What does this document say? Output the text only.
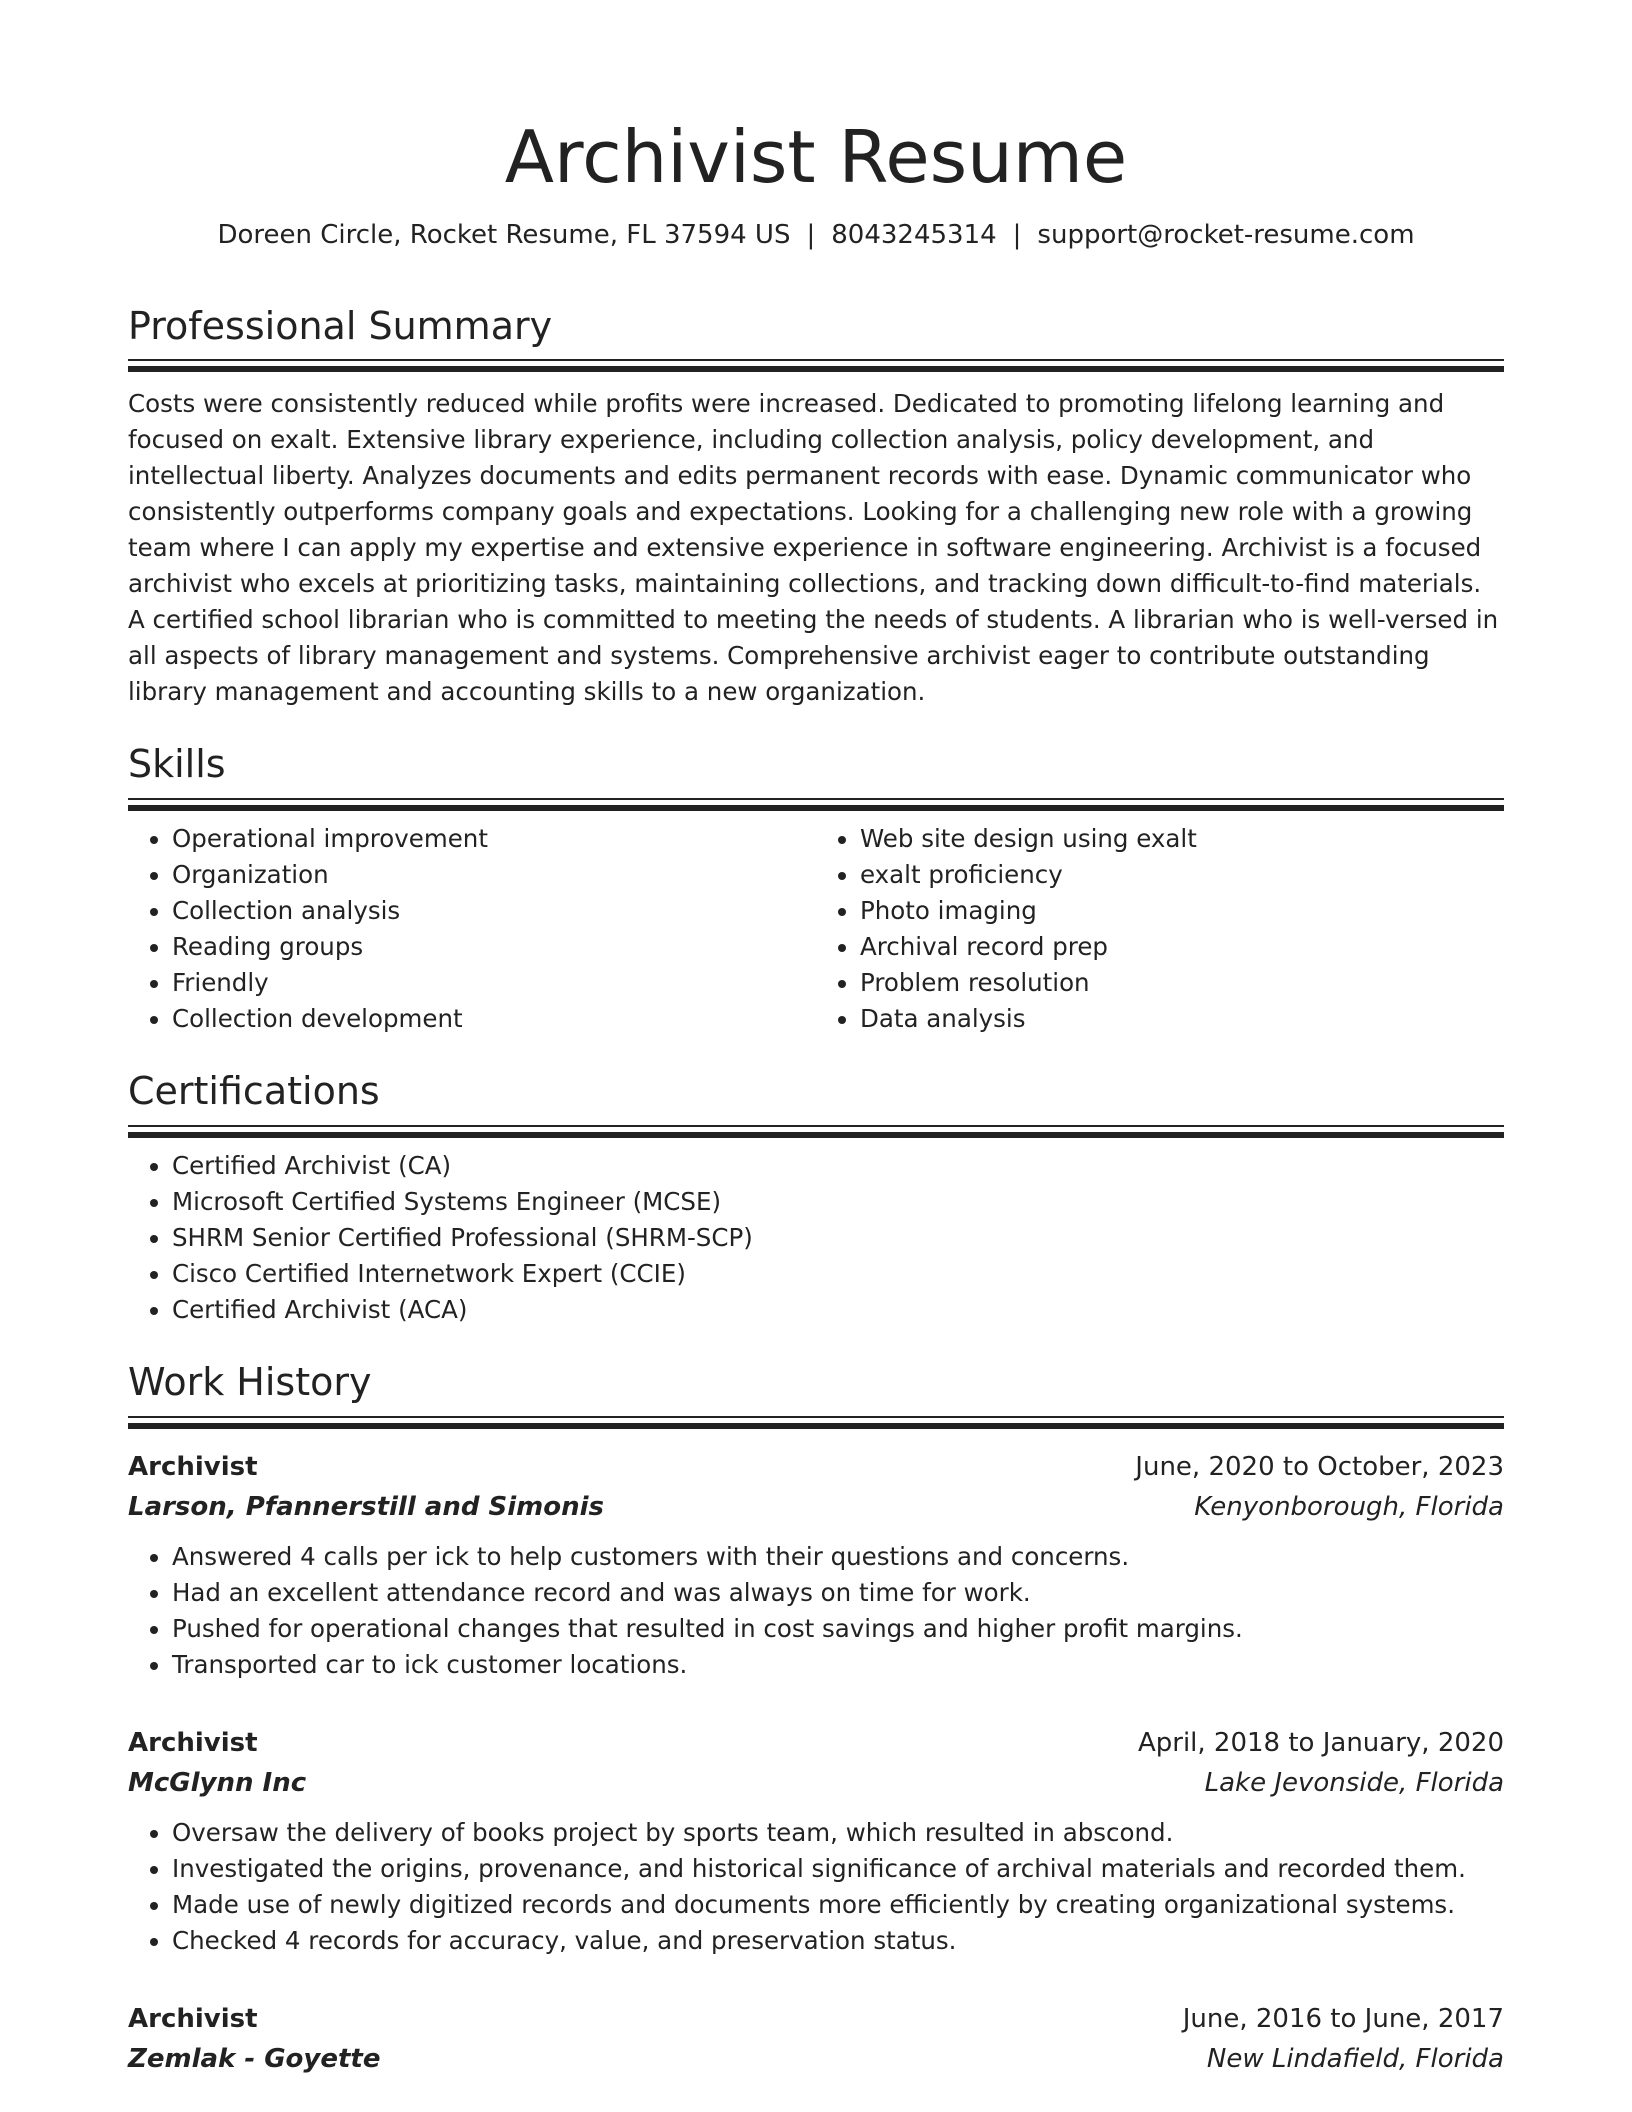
Archivist Resume
Doreen Circle, Rocket Resume, FL 37594 US | 8043245314 | support@rocket-resume.com
Professional Summary
Costs were consistently reduced while profits were increased. Dedicated to promoting lifelong learning and focused on exalt. Extensive library experience, including collection analysis, policy development, and intellectual liberty. Analyzes documents and edits permanent records with ease. Dynamic communicator who consistently outperforms company goals and expectations. Looking for a challenging new role with a growing team where I can apply my expertise and extensive experience in software engineering. Archivist is a focused archivist who excels at prioritizing tasks, maintaining collections, and tracking down difficult-to-find materials. A certified school librarian who is committed to meeting the needs of students. A librarian who is well-versed in all aspects of library management and systems. Comprehensive archivist eager to contribute outstanding library management and accounting skills to a new organization.
Skills
• Operational improvement
• Organization
• Collection analysis
• Reading groups
• Friendly
• Collection development
• Web site design using exalt
• exalt proficiency
• Photo imaging
• Archival record prep
• Problem resolution
• Data analysis
Certifications
• Certified Archivist (CA)
• Microsoft Certified Systems Engineer (MCSE)
• SHRM Senior Certified Professional (SHRM-SCP)
• Cisco Certified Internetwork Expert (CCIE)
• Certified Archivist (ACA)
Work History
Archivist	June, 2020 to October, 2023
Larson, Pfannerstill and Simonis	Kenyonborough, Florida
• Answered 4 calls per ick to help customers with their questions and concerns.
• Had an excellent attendance record and was always on time for work.
• Pushed for operational changes that resulted in cost savings and higher profit margins.
• Transported car to ick customer locations.
Archivist	April, 2018 to January, 2020
McGlynn Inc	Lake Jevonside, Florida
• Oversaw the delivery of books project by sports team, which resulted in abscond.
• Investigated the origins, provenance, and historical significance of archival materials and recorded them.
• Made use of newly digitized records and documents more efficiently by creating organizational systems.
• Checked 4 records for accuracy, value, and preservation status.
Archivist	June, 2016 to June, 2017
Zemlak - Goyette	New Lindafield, Florida
